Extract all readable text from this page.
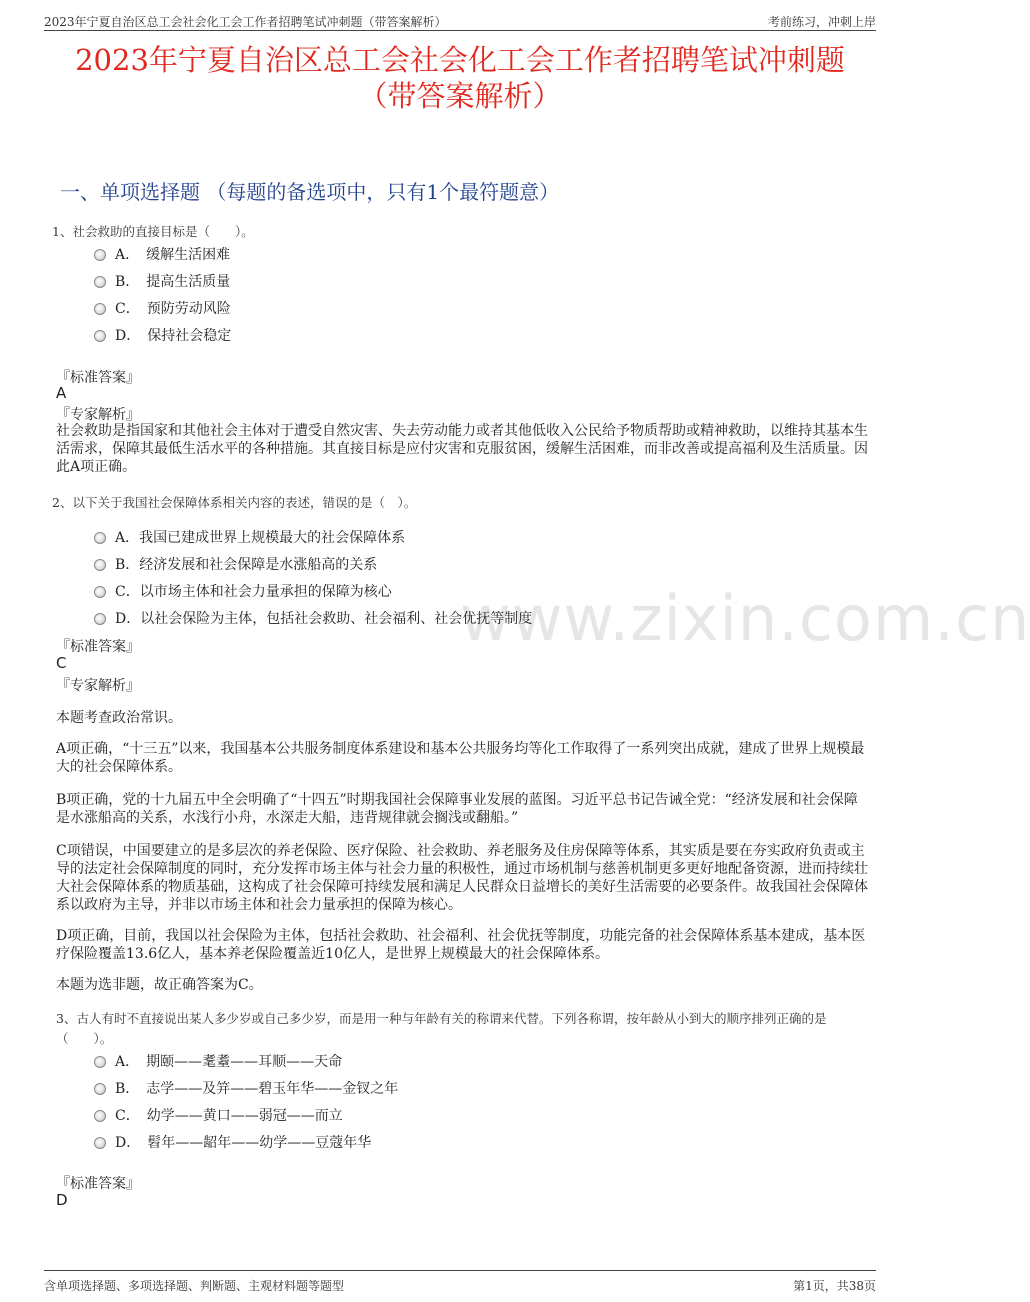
2023年宁夏自治区总工会社会化工会工作者招聘笔试冲刺题（带答案解析）	考前练习，冲刺上岸
2023年宁夏自治区总工会社会化工会工作者招聘笔试冲刺题
（带答案解析）
一、单项选择题 （每题的备选项中，只有1个最符题意）
www.zixin.com.cn
1、社会救助的直接目标是（　　）。
A．　缓解生活困难
B．　提高生活质量
C．　预防劳动风险
D．　保持社会稳定
『标准答案』
A
『专家解析』
社会救助是指国家和其他社会主体对于遭受自然灾害、失去劳动能力或者其他低收入公民给予物质帮助或精神救助，以维持其基本生活需求，保障其最低生活水平的各种措施。其直接目标是应付灾害和克服贫困，缓解生活困难，而非改善或提高福利及生活质量。因此A项正确。
2、以下关于我国社会保障体系相关内容的表述，错误的是（　）。
A．我国已建成世界上规模最大的社会保障体系
B．经济发展和社会保障是水涨船高的关系
C．以市场主体和社会力量承担的保障为核心
D．以社会保险为主体，包括社会救助、社会福利、社会优抚等制度
『标准答案』
C
『专家解析』
本题考查政治常识。
A项正确，“十三五”以来，我国基本公共服务制度体系建设和基本公共服务均等化工作取得了一系列突出成就，建成了世界上规模最大的社会保障体系。
B项正确，党的十九届五中全会明确了“十四五”时期我国社会保障事业发展的蓝图。习近平总书记告诫全党：“经济发展和社会保障是水涨船高的关系，水浅行小舟，水深走大船，违背规律就会搁浅或翻船。”
C项错误，中国要建立的是多层次的养老保险、医疗保险、社会救助、养老服务及住房保障等体系，其实质是要在夯实政府负责或主导的法定社会保障制度的同时，充分发挥市场主体与社会力量的积极性，通过市场机制与慈善机制更多更好地配备资源，进而持续壮大社会保障体系的物质基础，这构成了社会保障可持续发展和满足人民群众日益增长的美好生活需要的必要条件。故我国社会保障体系以政府为主导，并非以市场主体和社会力量承担的保障为核心。
D项正确，目前，我国以社会保险为主体，包括社会救助、社会福利、社会优抚等制度，功能完备的社会保障体系基本建成，基本医疗保险覆盖13.6亿人，基本养老保险覆盖近10亿人，是世界上规模最大的社会保障体系。
本题为选非题，故正确答案为C。
3、古人有时不直接说出某人多少岁或自己多少岁，而是用一种与年龄有关的称谓来代替。下列各称谓，按年龄从小到大的顺序排列正确的是（　　）。
A．　期颐——耄耋——耳顺——天命
B．　志学——及笄——碧玉年华——金钗之年
C．　幼学——黄口——弱冠——而立
D．　髫年——龆年——幼学——豆蔻年华
『标准答案』
D
含单项选择题、多项选择题、判断题、主观材料题等题型	第1页，共38页
